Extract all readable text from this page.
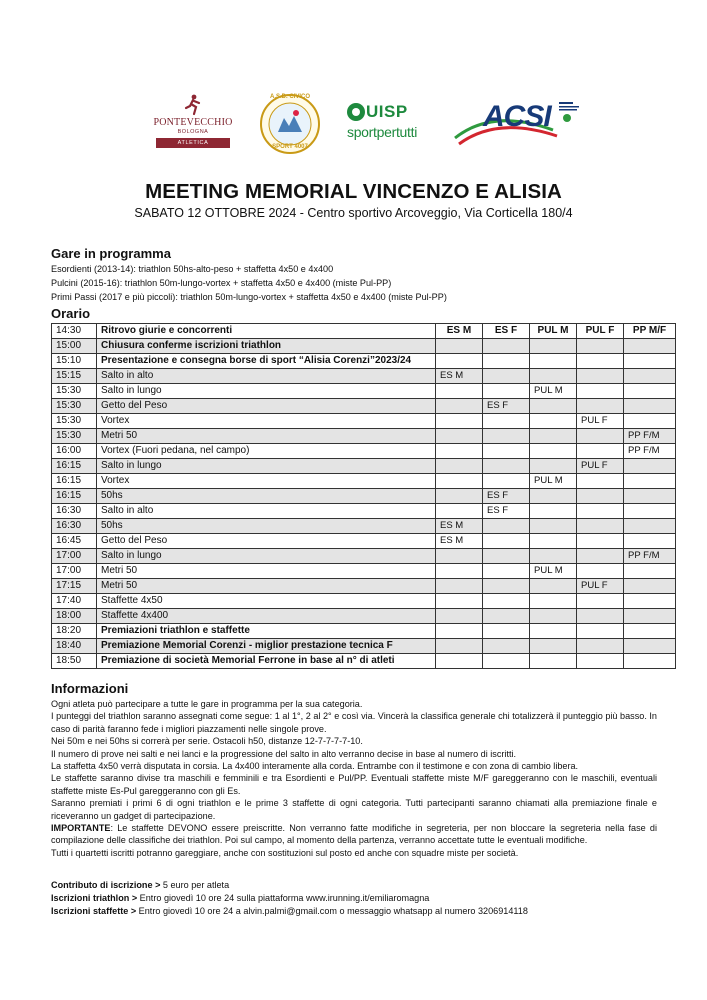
PONTEVECCHIO
BOLOGNA
ATLETICA
A.S.D. CIVICO
SPORT 4007
UISP
sportpertutti ACSI
MEETING MEMORIAL VINCENZO E ALISIA
SABATO 12 OTTOBRE 2024 - Centro sportivo Arcoveggio, Via Corticella 180/4
Gare in programma
Esordienti (2013-14): triathlon 50hs-alto-peso + staffetta 4x50 e 4x400
Pulcini (2015-16): triathlon 50m-lungo-vortex + staffetta 4x50 e 4x400 (miste Pul-PP)
Primi Passi (2017 e più piccoli): triathlon 50m-lungo-vortex + staffetta 4x50 e 4x400 (miste Pul-PP)
Orario
14:30	Ritrovo giurie e concorrenti	ES M	ES F	PUL M	PUL F	PP M/F
15:00	Chiusura conferme iscrizioni triathlon					
15:10	Presentazione e consegna borse di sport “Alisia Corenzi”2023/24					
15:15	Salto in alto	ES M				
15:30	Salto in lungo			PUL M		
15:30	Getto del Peso		ES F			
15:30	Vortex				PUL F	
15:30	Metri 50					PP F/M
16:00	Vortex (Fuori pedana, nel campo)					PP F/M
16:15	Salto in lungo				PUL F	
16:15	Vortex			PUL M		
16:15	50hs		ES F			
16:30	Salto in alto		ES F			
16:30	50hs	ES M				
16:45	Getto del Peso	ES M				
17:00	Salto in lungo					PP F/M
17:00	Metri 50			PUL M		
17:15	Metri 50				PUL F	
17:40	Staffette 4x50					
18:00	Staffette 4x400					
18:20	Premiazioni triathlon e staffette					
18:40	Premiazione Memorial Corenzi - miglior prestazione tecnica F					
18:50	Premiazione di società Memorial Ferrone in base al n° di atleti					
Informazioni

Ogni atleta può partecipare a tutte le gare in programma per la sua categoria.

I punteggi del triathlon saranno assegnati come segue: 1 al 1°, 2 al 2° e così via. Vincerà la classifica generale chi totalizzerà il punteggio più basso. In caso di parità faranno fede i migliori piazzamenti nelle singole prove.

Nei 50m e nei 50hs si correrà per serie. Ostacoli h50, distanze 12-7-7-7-7-10.

Il numero di prove nei salti e nei lanci e la progressione del salto in alto verranno decise in base al numero di iscritti.

La staffetta 4x50 verrà disputata in corsia. La 4x400 interamente alla corda. Entrambe con il testimone e con zona di cambio libera.

Le staffette saranno divise tra maschili e femminili e tra Esordienti e Pul/PP. Eventuali staffette miste M/F gareggeranno con le maschili, eventuali staffette miste Es-Pul gareggeranno con gli Es.

Saranno premiati i primi 6 di ogni triathlon e le prime 3 staffette di ogni categoria. Tutti partecipanti saranno chiamati alla premiazione finale e riceveranno un gadget di partecipazione.

IMPORTANTE: Le staffette DEVONO essere preiscritte. Non verranno fatte modifiche in segreteria, per non bloccare la segreteria nella fase di compilazione delle classifiche dei triathlon. Poi sul campo, al momento della partenza, verranno accettate tutte le eventuali modifiche.

Tutti i quartetti iscritti potranno gareggiare, anche con sostituzioni sul posto ed anche con squadre miste per società.

Contributo di iscrizione > 5 euro per atleta

Iscrizioni triathlon > Entro giovedì 10 ore 24 sulla piattaforma www.irunning.it/emiliaromagna

Iscrizioni staffette > Entro giovedì 10 ore 24 a alvin.palmi@gmail.com o messaggio whatsapp al numero 3206914118
